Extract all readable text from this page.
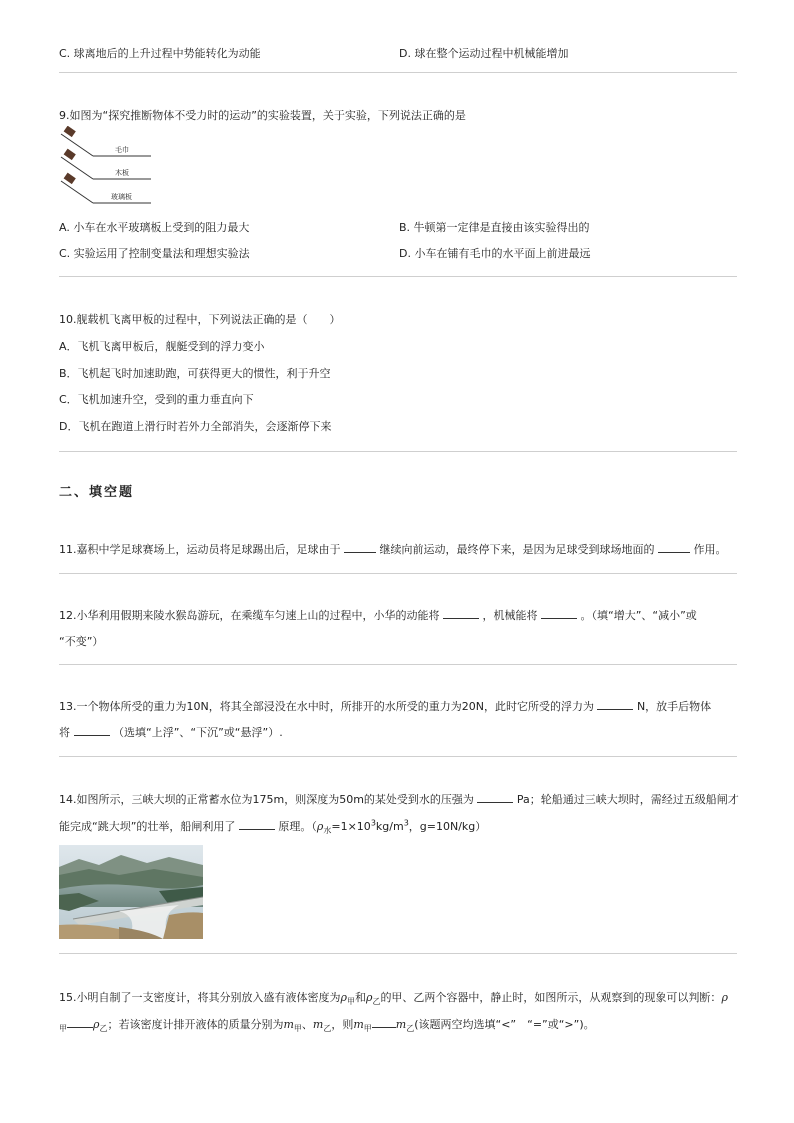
C. 球离地后的上升过程中势能转化为动能	D. 球在整个运动过程中机械能增加
9.如图为“探究推断物体不受力时的运动”的实验装置，关于实验，下列说法正确的是
毛巾
木板
玻璃板
A. 小车在水平玻璃板上受到的阻力最大	B. 牛顿第一定律是直接由该实验得出的
C. 实验运用了控制变量法和理想实验法	D. 小车在铺有毛巾的水平面上前进最远
10.舰载机飞离甲板的过程中，下列说法正确的是（　　）
A．飞机飞离甲板后，舰艇受到的浮力变小
B．飞机起飞时加速助跑，可获得更大的惯性，利于升空
C．飞机加速升空，受到的重力垂直向下
D．飞机在跑道上滑行时若外力全部消失，会逐渐停下来
二、填空题
11.嘉积中学足球赛场上，运动员将足球踢出后，足球由于	继续向前运动，最终停下来，是因为足球受到球场地面的	作用。
12.小华利用假期来陵水猴岛游玩，在乘缆车匀速上山的过程中，小华的动能将	，机械能将	。（填“增大”、“减小”或
“不变”）
13.一个物体所受的重力为10N，将其全部浸没在水中时，所排开的水所受的重力为20N，此时它所受的浮力为	N，放手后物体
将	（选填“上浮”、“下沉”或“悬浮”）.
14.如图所示，三峡大坝的正常蓄水位为175m，则深度为50m的某处受到水的压强为	Pa；轮船通过三峡大坝时，需经过五级船闸才
能完成“跳大坝”的壮举，船闸利用了	原理。（$\rho_水=1\times 10^3kg/m^3$，g=10N/kg）
15.小明自制了一支密度计，将其分别放入盛有液体密度为$\rho_甲$和$\rho_乙$的甲、乙两个容器中，静止时，如图所示，从观察到的现象可以判断：ρ
$_甲$ $\rho_乙$；若该密度计排开液体的质量分别为$m_甲$、$m_乙$，则$m_甲$ $m_乙$(该题两空均选填“<”　“=”或“>”)。
